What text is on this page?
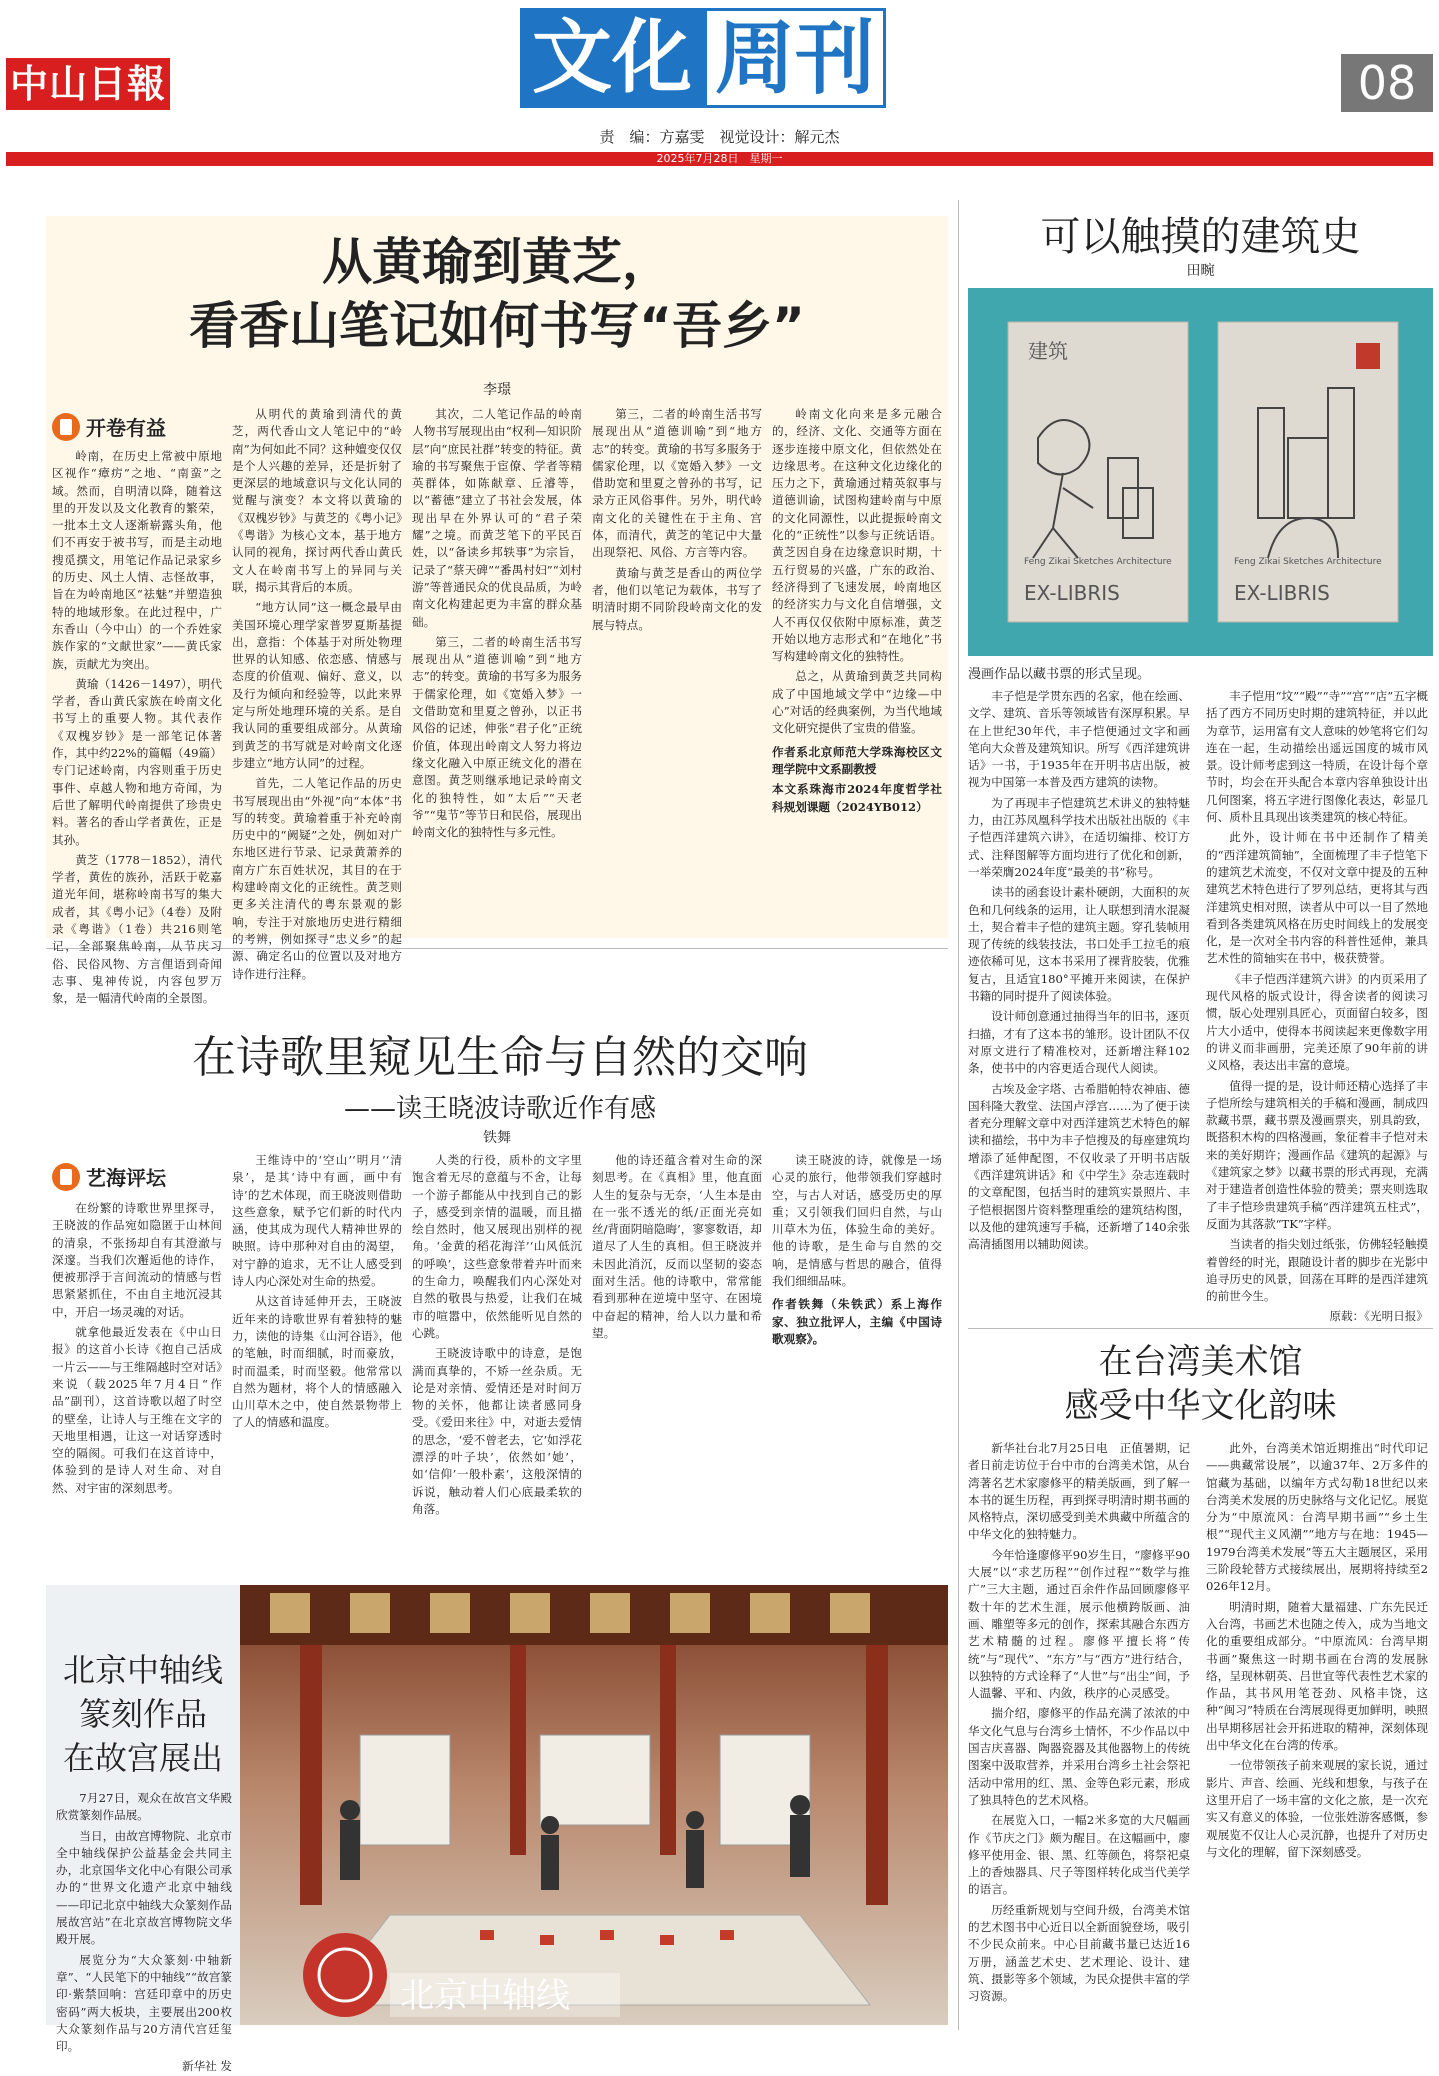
中山日報	文化 周刊	08
责　编：方嘉雯　视觉设计：解元杰
2025年7月28日　星期一
从黄瑜到黄芝，
看香山笔记如何书写“吾乡”
李璟
开卷有益

岭南，在历史上常被中原地区视作“瘴疠”之地、“南蛮”之域。然而，自明清以降，随着这里的开发以及文化教育的繁荣，一批本土文人逐渐崭露头角，他们不再安于被书写，而是主动地搜觅撰文，用笔记作品记录家乡的历史、风土人情、志怪故事，旨在为岭南地区“祛魅”并塑造独特的地域形象。在此过程中，广东香山（今中山）的一个乔姓家族作家的“文献世家”——黄氏家族，贡献尤为突出。

黄瑜（1426－1497），明代学者，香山黄氏家族在岭南文化书写上的重要人物。其代表作《双槐岁钞》是一部笔记体著作，其中约22%的篇幅（49篇）专门记述岭南，内容则重于历史事件、卓越人物和地方奇闻，为后世了解明代岭南提供了珍贵史料。著名的香山学者黄佐，正是其孙。

黄芝（1778－1852），清代学者，黄佐的族孙，活跃于乾嘉道光年间，堪称岭南书写的集大成者，其《粤小记》（4卷）及附录《粤谐》（1卷）共216则笔记，全部聚焦岭南，从节庆习俗、民俗风物、方言俚语到奇闻志事、鬼神传说，内容包罗万象，是一幅清代岭南的全景图。

从明代的黄瑜到清代的黄芝，两代香山文人笔记中的“岭南”为何如此不同？这种嬗变仅仅是个人兴趣的差异，还是折射了更深层的地域意识与文化认同的觉醒与演变？本文将以黄瑜的《双槐岁钞》与黄芝的《粤小记》《粤谐》为核心文本，基于地方认同的视角，探讨两代香山黄氏文人在岭南书写上的异同与关联，揭示其背后的本质。

“地方认同”这一概念最早由美国环境心理学家普罗夏斯基提出，意指：个体基于对所处物理世界的认知感、依恋感、情感与态度的价值观、偏好、意义，以及行为倾向和经验等，以此来界定与所处地理环境的关系。是自我认同的重要组成部分。从黄瑜到黄芝的书写就是对岭南文化逐步建立“地方认同”的过程。

首先，二人笔记作品的历史书写展现出由“外视”向“本体”书写的转变。黄瑜着重于补充岭南历史中的“阙疑”之处，例如对广东地区进行节录、记录黄萧养的南方广东百姓状况，其目的在于构建岭南文化的正统性。黄芝则更多关注清代的粤东景观的影响，专注于对旅地历史进行精细的考辨，例如探寻“忠义乡”的起源、确定名山的位置以及对地方诗作进行注释。

其次，二人笔记作品的岭南人物书写展现出由“权利—知识阶层”向“庶民社群”转变的特征。黄瑜的书写聚焦于宦僚、学者等精英群体，如陈献章、丘濬等，以“蓄德”建立了书社会发展，体现出早在外界认可的“君子荣耀”之境。而黄芝笔下的平民百姓，以“备读乡邦轶事”为宗旨，记录了“蔡天碑”“番禺村妇”“刘村游”等普通民众的优良品质，为岭南文化构建起更为丰富的群众基础。

第三，二者的岭南生活书写展现出从“道德训喻”到“地方志”的转变。黄瑜的书写多为服务于儒家伦理，如《宽婚入梦》一文借助宽和里夏之曾孙，以正书风俗的记述，伸张“君子化”正统价值，体现出岭南文人努力将边缘文化融入中原正统文化的潜在意图。黄芝则继承地记录岭南文化的独特性，如“太后”“天老爷”“鬼节”等节日和民俗，展现出岭南文化的独特性与多元性。

第三，二者的岭南生活书写展现出从“道德训喻”到“地方志”的转变。黄瑜的书写多服务于儒家伦理，以《宽婚入梦》一文借助宽和里夏之曾孙的书写，记录方正风俗事件。另外，明代岭南文化的关键性在于主角、宫体，而清代，黄芝的笔记中大量出现祭祀、风俗、方言等内容。

黄瑜与黄芝是香山的两位学者，他们以笔记为载体，书写了明清时期不同阶段岭南文化的发展与特点。

岭南文化向来是多元融合的，经济、文化、交通等方面在逐步连接中原文化，但依然处在边缘思考。在这种文化边缘化的压力之下，黄瑜通过精英叙事与道德训谕，试图构建岭南与中原的文化同源性，以此提振岭南文化的“正统性”以参与正统话语。黄芝因自身在边缘意识时期，十五行贸易的兴盛，广东的政治、经济得到了飞速发展，岭南地区的经济实力与文化自信增强，文人不再仅仅依附中原标准，黄芝开始以地方志形式和“在地化”书写构建岭南文化的独特性。

总之，从黄瑜到黄芝共同构成了中国地域文学中“边缘—中心”对话的经典案例，为当代地域文化研究提供了宝贵的借鉴。

作者系北京师范大学珠海校区文理学院中文系副教授

本文系珠海市2024年度哲学社科规划课题（2024YB012）

在诗歌里窥见生命与自然的交响
——读王晓波诗歌近作有感
铁舞
艺海评坛

在纷繁的诗歌世界里探寻，王晓波的作品宛如隐匿于山林间的清泉，不张扬却自有其澄澈与深邃。当我们次邂逅他的诗作，便被那浮于言间流动的情感与哲思紧紧抓住，不由自主地沉浸其中，开启一场灵魂的对话。

就拿他最近发表在《中山日报》的这首小长诗《抱自己活成一片云——与王维隔越时空对话》来说（载2025年7月4日“作品”副刊），这首诗歌以超了时空的壁垒，让诗人与王维在文字的天地里相遇，让这一对话穿透时空的隔阂。可我们在这首诗中，体验到的是诗人对生命、对自然、对宇宙的深刻思考。

王维诗中的‘空山’‘明月’‘清泉’，是其‘诗中有画，画中有诗’的艺术体现，而王晓波则借助这些意象，赋予它们新的时代内涵，使其成为现代人精神世界的映照。诗中那种对自由的渴望，对宁静的追求，无不让人感受到诗人内心深处对生命的热爱。

从这首诗延伸开去，王晓波近年来的诗歌世界有着独特的魅力，读他的诗集《山河谷语》，他的笔触，时而细腻，时而豪放，时而温柔，时而坚毅。他常常以自然为题材，将个人的情感融入山川草木之中，使自然景物带上了人的情感和温度。

人类的行役，质朴的文字里饱含着无尽的意蕴与不舍，让每一个游子都能从中找到自己的影子，感受到亲情的温暖，而且描绘自然时，他又展现出别样的视角。‘金黄的稻花海洋’‘山风低沉的呼唤’，这些意象带着卉叶而来的生命力，唤醒我们内心深处对自然的敬畏与热爱，让我们在城市的喧嚣中，依然能听见自然的心跳。

王晓波诗歌中的诗意，是饱满而真挚的，不矫一丝杂质。无论是对亲情、爱情还是对时间万物的关怀，他都让读者感同身受。《爱田来往》中，对逝去爱情的思念，‘爱不曾老去，它’如浮花漂浮的叶子块’，依然如‘她’，如‘信仰’一般朴素‘，这般深情的诉说，触动着人们心底最柔软的角落。

他的诗还蕴含着对生命的深刻思考。在《真相》里，他直面人生的复杂与无奈，‘人生本是由在一张不透光的纸/正面光亮如丝/背面阴暗隐晦’，寥寥数语，却道尽了人生的真相。但王晓波并未因此消沉，反而以坚韧的姿态面对生活。他的诗歌中，常常能看到那种在逆境中坚守、在困境中奋起的精神，给人以力量和希望。

读王晓波的诗，就像是一场心灵的旅行，他带领我们穿越时空，与古人对话，感受历史的厚重；又引领我们回归自然，与山川草木为伍，体验生命的美好。他的诗歌，是生命与自然的交响，是情感与哲思的融合，值得我们细细品味。

作者铁舞（朱铁武）系上海作家、独立批评人，主编《中国诗歌观察》。

北京中轴线
北京中轴线
篆刻作品
在故宫展出

7月27日，观众在故宫文华殿欣赏篆刻作品展。

当日，由故宫博物院、北京市全中轴线保护公益基金会共同主办，北京国华文化中心有限公司承办的“世界文化遗产北京中轴线——印记北京中轴线大众篆刻作品展故宫站”在北京故宫博物院文华殿开展。

展览分为“大众篆刻·中轴新章”、“人民笔下的中轴线”“故宫篆印·紫禁回响：宫廷印章中的历史密码”两大板块，主要展出200枚大众篆刻作品与20方清代宫廷玺印。

新华社 发

可以触摸的建筑史
田畹
建筑
Feng Zikai Sketches Architecture
EX-LIBRIS
Feng Zikai Sketches Architecture
EX-LIBRIS
漫画作品以藏书票的形式呈现。

丰子恺是学贯东西的名家，他在绘画、文学、建筑、音乐等领域皆有深厚积累。早在上世纪30年代，丰子恺便通过文字和画笔向大众普及建筑知识。所写《西洋建筑讲话》一书，于1935年在开明书店出版，被视为中国第一本普及西方建筑的读物。

为了再现丰子恺建筑艺术讲义的独特魅力，由江苏凤凰科学技术出版社出版的《丰子恺西洋建筑六讲》，在适切编排、校订方式、注释图解等方面均进行了优化和创新，一举荣膺2024年度“最美的书”称号。

读书的函套设计素朴硬朗，大面积的灰色和几何线条的运用，让人联想到清水混凝土，契合着丰子恺的建筑主题。穿孔装帧用现了传统的线装技法，书口处手工拉毛的痕迹依稀可见，这本书采用了裸背胶装，优雅复古，且适宜180°平摊开来阅读，在保护书籍的同时提升了阅读体验。

设计师创意通过抽得当年的旧书，逐页扫描，才有了这本书的雏形。设计团队不仅对原文进行了精准校对，还新增注释102条，使书中的内容更适合现代人阅读。

古埃及金字塔、古希腊帕特农神庙、德国科隆大教堂、法国卢浮宫……为了便于读者充分理解文章中对西洋建筑艺术特色的解读和描绘，书中为丰子恺搜及的每座建筑均增添了延伸配图，不仅收录了开明书店版《西洋建筑讲话》和《中学生》杂志连载时的文章配图，包括当时的建筑实景照片、丰子恺根据图片资料整理重绘的建筑结构图，以及他的建筑速写手稿，还新增了140余张高清插图用以辅助阅读。

丰子恺用“坟”“殿”“寺”“宫”“店”五字概括了西方不同历史时期的建筑特征，并以此为章节，运用富有文人意味的妙笔将它们勾连在一起，生动描绘出遥远国度的城市风景。设计师考虑到这一特质，在设计每个章节时，均会在开头配合本章内容单独设计出几何图案，将五字进行图像化表达，彰显几何、质朴且具现出该类建筑的核心特征。

此外，设计师在书中还制作了精美的“西洋建筑简轴”，全面梳理了丰子恺笔下的建筑艺术流变，不仅对文章中提及的五种建筑艺术特色进行了罗列总结，更将其与西洋建筑史相对照，读者从中可以一目了然地看到各类建筑风格在历史时间线上的发展变化，是一次对全书内容的科普性延伸，兼具艺术性的简轴实在书中，极获赞誉。

《丰子恺西洋建筑六讲》的内页采用了现代风格的版式设计，得舍读者的阅读习惯，版心处理别具匠心，页面留白较多，图片大小适中，使得本书阅读起来更像数字用的讲义而非画册，完美还原了90年前的讲义风格，表达出丰富的意境。

值得一提的是，设计师还精心选择了丰子恺所绘与建筑相关的手稿和漫画，制成四款藏书票，藏书票及漫画票夹，别具韵致，既搭积木构的四格漫画，象征着丰子恺对未来的美好期许；漫画作品《建筑的起源》与《建筑家之梦》以藏书票的形式再现，充满对于建造者创造性体验的赞美；票夹则选取了丰子恺珍贵建筑手稿“西洋建筑五柱式”，反面为其落款“TK”字样。

当读者的指尖划过纸张，仿佛轻轻触摸着曾经的时光，跟随设计者的脚步在光影中追寻历史的风景，回荡在耳畔的是西洋建筑的前世今生。

原载：《光明日报》

在台湾美术馆
感受中华文化韵味

新华社台北7月25日电　正值暑期，记者日前走访位于台中市的台湾美术馆，从台湾著名艺术家廖修平的精美版画，到了解一本书的诞生历程，再到探寻明清时期书画的风格特点，深切感受到美术典藏中所蕴含的中华文化的独特魅力。

今年恰逢廖修平90岁生日，“廖修平90大展”以“求艺历程”“创作过程”“数学与推广”三大主题，通过百余件作品回顾廖修平数十年的艺术生涯，展示他横跨版画、油画、雕塑等多元的创作，探索其融合东西方艺术精髓的过程。廖修平擅长将“传统”与“现代”、“东方”与“西方”进行结合，以独特的方式诠释了“人世”与“出尘”间，予人温馨、平和、内敛，秩序的心灵感受。

揣介绍，廖修平的作品充满了浓浓的中华文化气息与台湾乡土情怀，不少作品以中国吉庆喜器、陶器瓷器及其他器物上的传统图案中汲取营养，并采用台湾乡土社会祭祀活动中常用的红、黑、金等色彩元素，形成了独具特色的艺术风格。

在展览入口，一幅2米多宽的大尺幅画作《节庆之门》颇为醒目。在这幅画中，廖修平使用金、银、黑、红等颜色，将祭祀桌上的香烛器具、尺子等图样转化成当代美学的语言。

历经重新规划与空间升级，台湾美术馆的艺术图书中心近日以全新面貌登场，吸引不少民众前来。中心目前藏书量已达近16万册，涵盖艺术史、艺术理论、设计、建筑、摄影等多个领域，为民众提供丰富的学习资源。

此外，台湾美术馆近期推出“时代印记——典藏常设展”，以逾37年、2万多件的馆藏为基础，以编年方式勾勒18世纪以来台湾美术发展的历史脉络与文化记忆。展览分为“中原流风：台湾早期书画”“乡土生根”“现代主义风潮”“地方与在地：1945—1979台湾美术发展”等五大主题展区，采用三阶段轮替方式接续展出，展期将持续至2026年12月。

明清时期，随着大量福建、广东先民迁入台湾，书画艺术也随之传入，成为当地文化的重要组成部分。“中原流风：台湾早期书画”聚焦这一时期书画在台湾的发展脉络，呈现林朝英、吕世宜等代表性艺术家的作品，其书风用笔苍劲、风格丰饶，这种“闽习”特质在台湾展现得更加鲜明，映照出早期移居社会开拓进取的精神，深刻体现出中华文化在台湾的传承。

一位带领孩子前来观展的家长说，通过影片、声音、绘画、光线和想象，与孩子在这里开启了一场丰富的文化之旅，是一次充实又有意义的体验，一位张姓游客感慨，参观展览不仅让人心灵沉静，也提升了对历史与文化的理解，留下深刻感受。
